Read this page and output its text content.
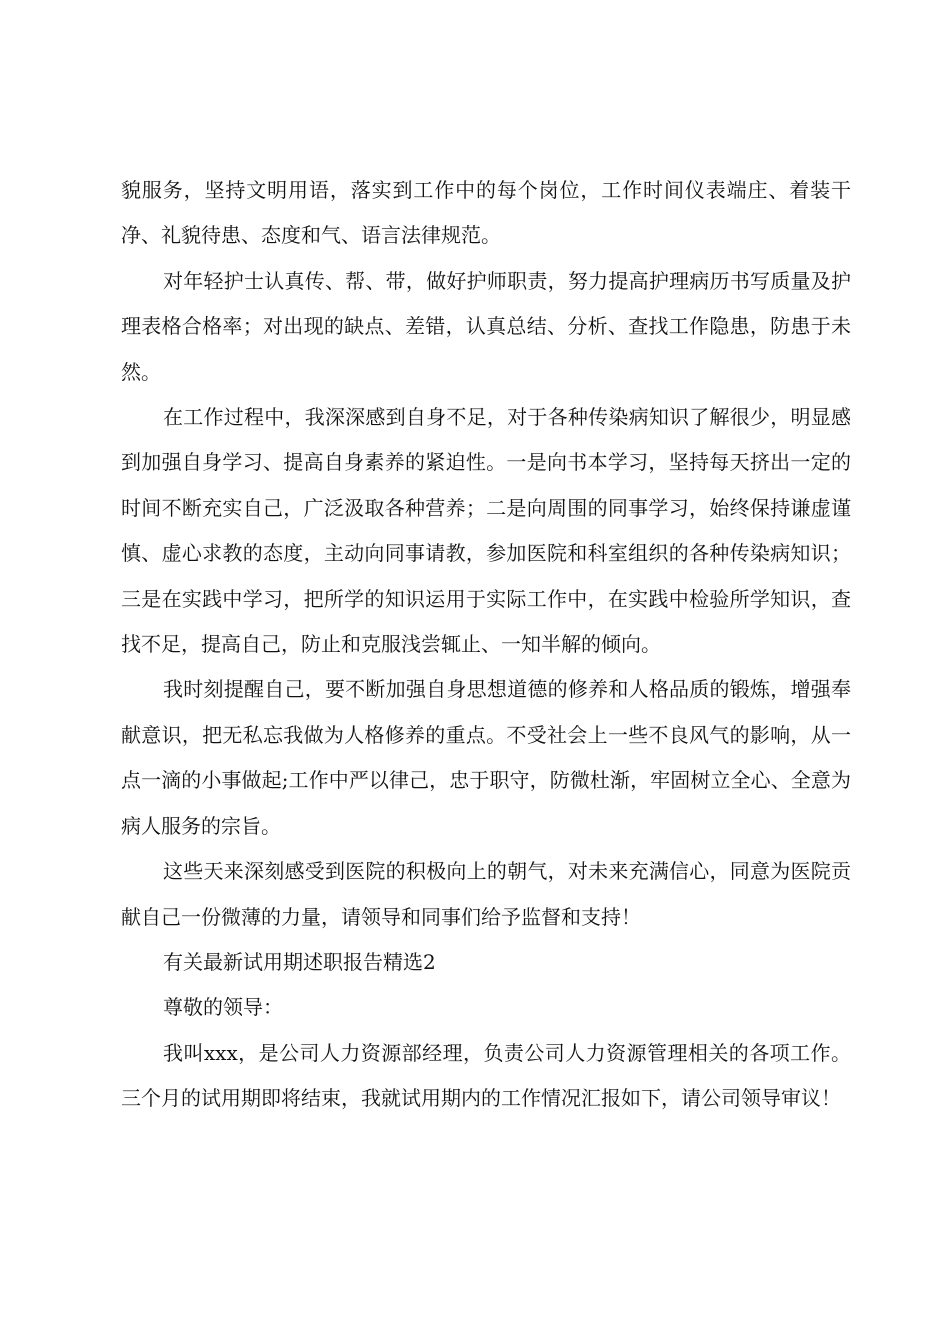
貌服务，坚持文明用语，落实到工作中的每个岗位，工作时间仪表端庄、着装干净、礼貌待患、态度和气、语言法律规范。

对年轻护士认真传、帮、带，做好护师职责，努力提高护理病历书写质量及护理表格合格率；对出现的缺点、差错，认真总结、分析、查找工作隐患，防患于未然。

在工作过程中，我深深感到自身不足，对于各种传染病知识了解很少，明显感到加强自身学习、提高自身素养的紧迫性。一是向书本学习，坚持每天挤出一定的时间不断充实自己，广泛汲取各种营养；二是向周围的同事学习，始终保持谦虚谨慎、虚心求教的态度，主动向同事请教，参加医院和科室组织的各种传染病知识；三是在实践中学习，把所学的知识运用于实际工作中，在实践中检验所学知识，查找不足，提高自己，防止和克服浅尝辄止、一知半解的倾向。

我时刻提醒自己，要不断加强自身思想道德的修养和人格品质的锻炼，增强奉献意识，把无私忘我做为人格修养的重点。不受社会上一些不良风气的影响，从一点一滴的小事做起;工作中严以律己，忠于职守，防微杜渐，牢固树立全心、全意为病人服务的宗旨。

这些天来深刻感受到医院的积极向上的朝气，对未来充满信心，同意为医院贡献自己一份微薄的力量，请领导和同事们给予监督和支持！

有关最新试用期述职报告精选2

尊敬的领导：

我叫xxx，是公司人力资源部经理，负责公司人力资源管理相关的各项工作。三个月的试用期即将结束，我就试用期内的工作情况汇报如下，请公司领导审议！
